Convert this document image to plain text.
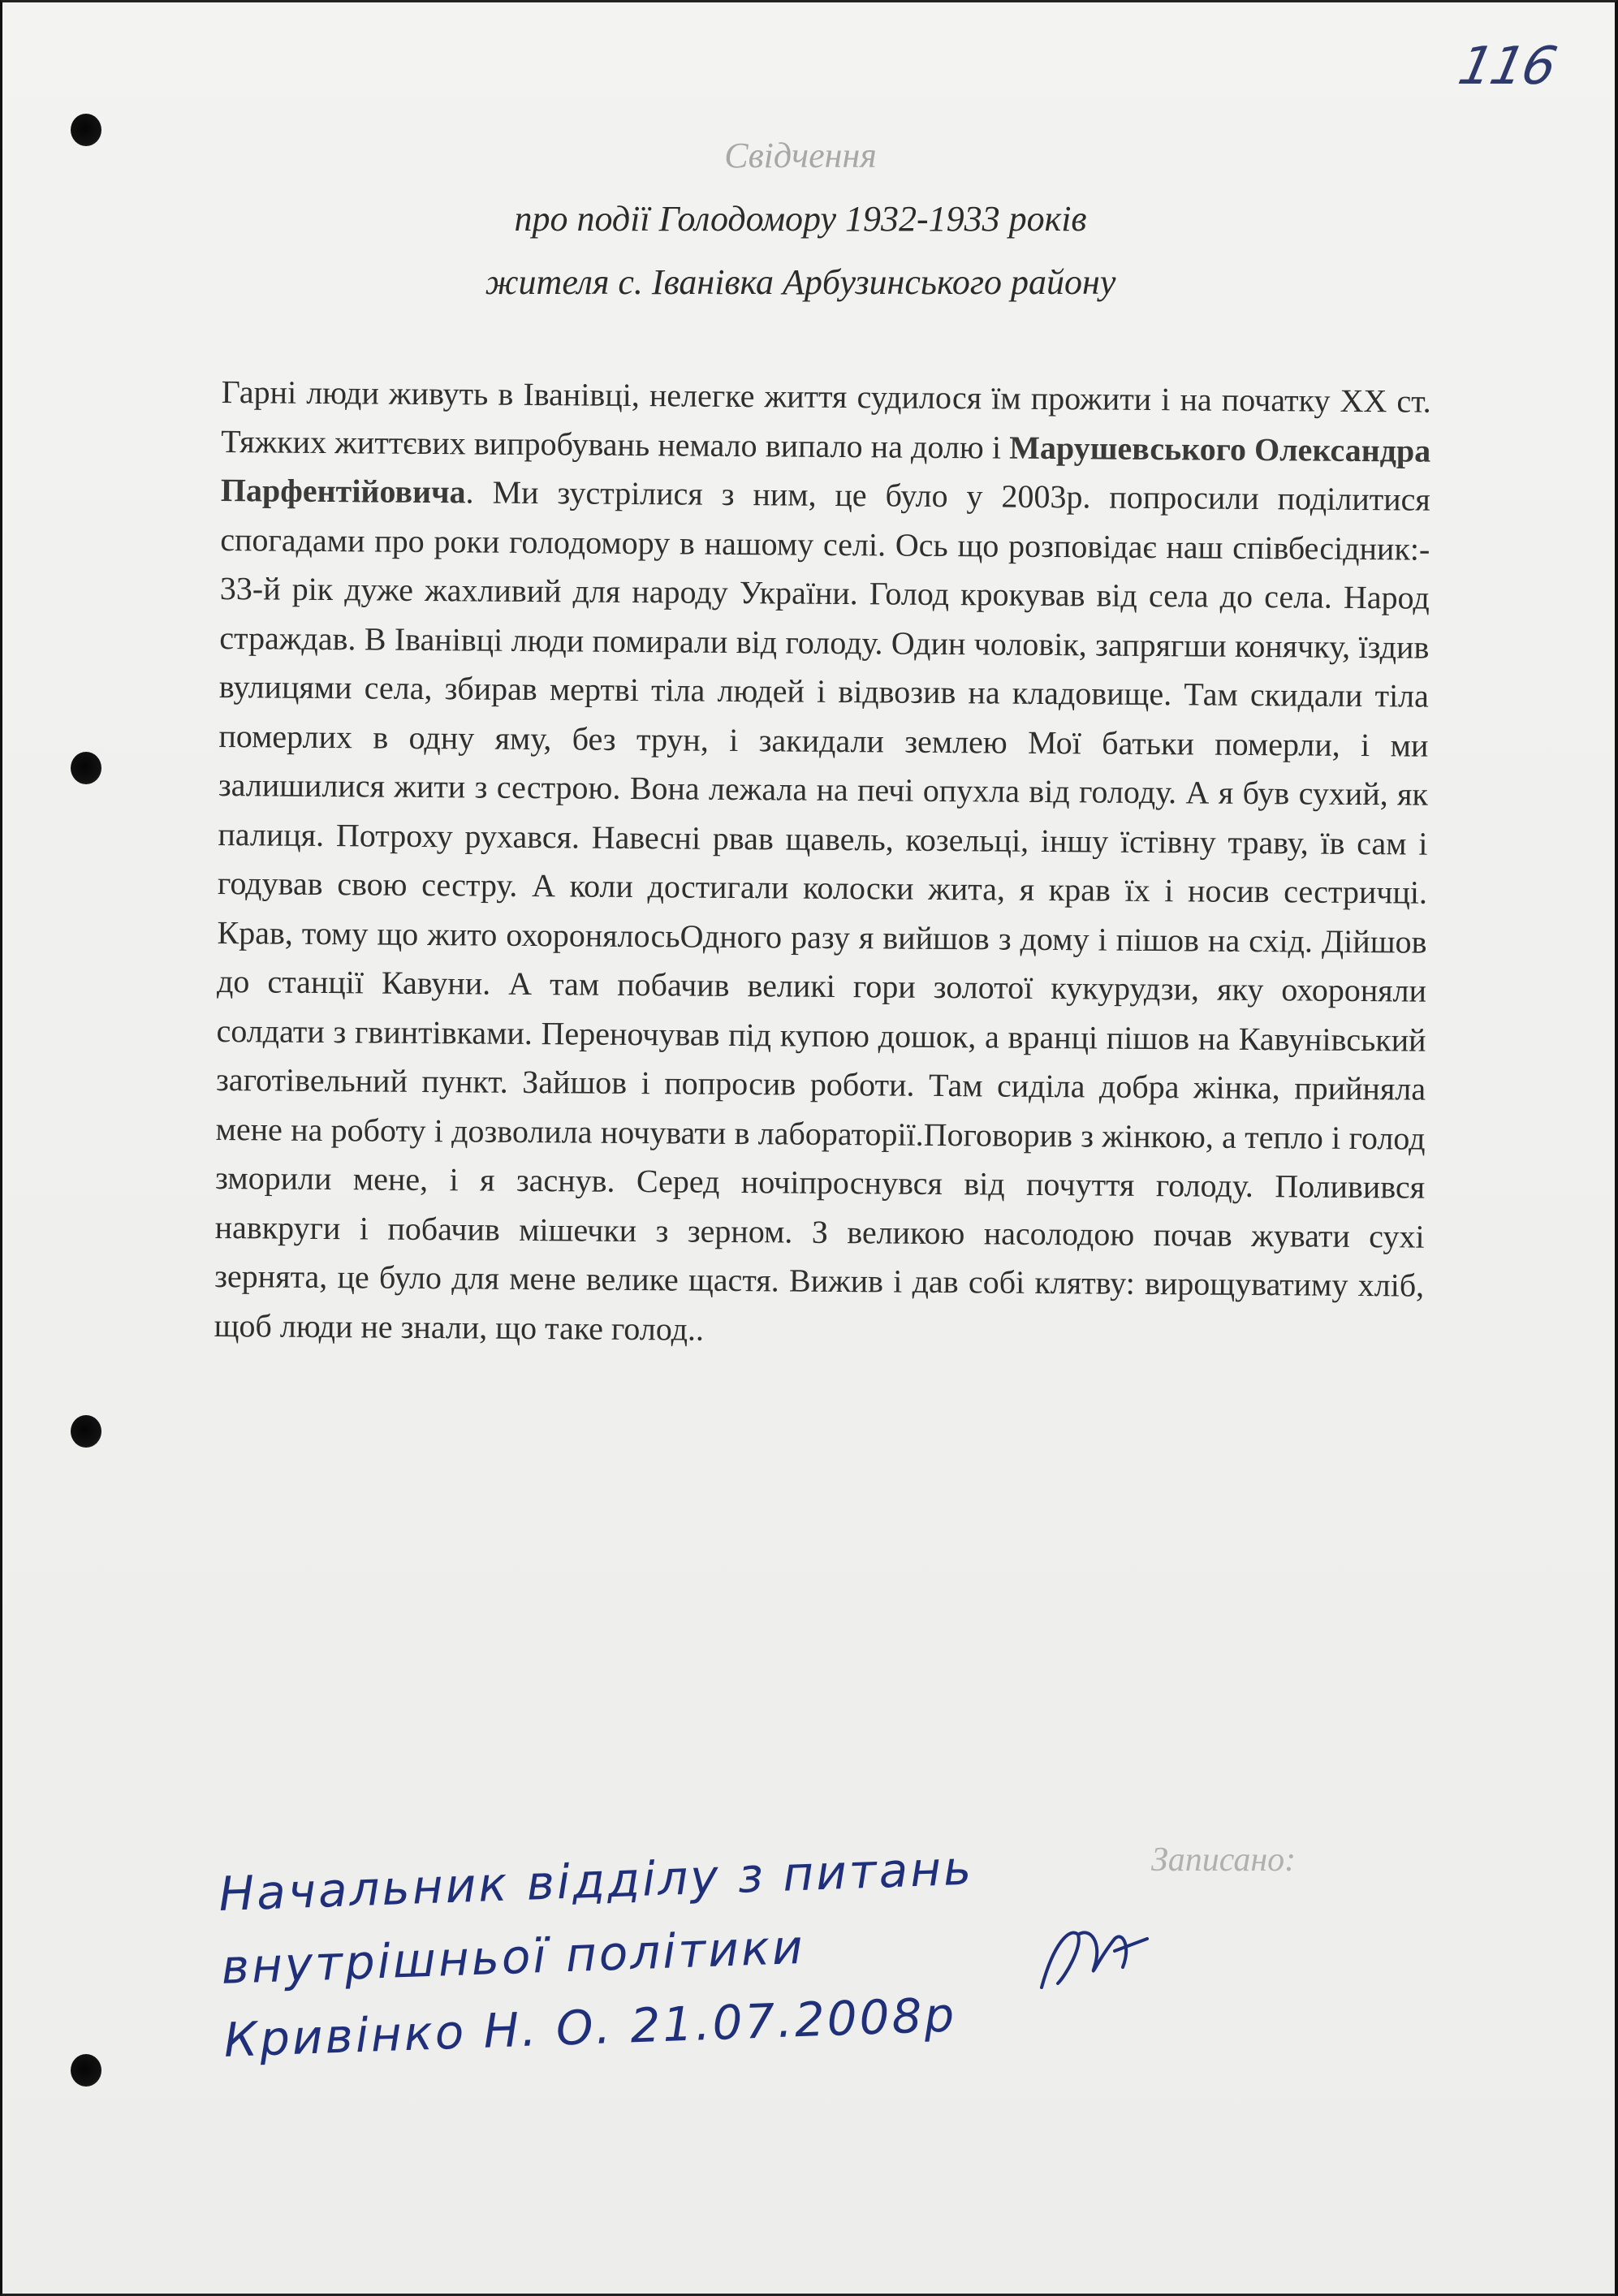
116
Свідчення
про події Голодомору 1932-1933 років
жителя с. Іванівка Арбузинського району
Гарні люди живуть в Іванівці, нелегке життя судилося їм прожити і на початку XX ст. Тяжких життєвих випробувань немало випало на долю і Марушевського Олександра Парфентійовича. Ми зустрілися з ним, це було у 2003р. попросили поділитися спогадами про роки голодомору в нашому селі. Ось що розповідає наш співбесідник:- 33-й рік дуже жахливий для народу України. Голод крокував від села до села. Народ страждав. В Іванівці люди помирали від голоду. Один чоловік, запрягши конячку, їздив вулицями села, збирав мертві тіла людей і відвозив на кладовище. Там скидали тіла померлих в одну яму, без трун, і закидали землею Мої батьки померли, і ми залишилися жити з сестрою. Вона лежала на печі опухла від голоду. А я був сухий, як палиця. Потроху рухався. Навесні рвав щавель, козельці, іншу їстівну траву, їв сам і годував свою сестру. А коли достигали колоски жита, я крав їх і носив сестричці. Крав, тому що жито охоронялосьОдного разу я вийшов з дому і пішов на схід. Дійшов до станції Кавуни. А там побачив великі гори золотої кукурудзи, яку охороняли солдати з гвинтівками. Переночував під купою дошок, а вранці пішов на Кавунівський заготівельний пункт. Зайшов і попросив роботи. Там сиділа добра жінка, прийняла мене на роботу і дозволила ночувати в лабораторії.Поговорив з жінкою, а тепло і голод зморили мене, і я заснув. Серед ночіпроснувся від почуття голоду. Поливився навкруги і побачив мішечки з зерном. З великою насолодою почав жувати сухі зернята, це було для мене велике щастя. Вижив і дав собі клятву: вирощуватиму хліб, щоб люди не знали, що таке голод..
Записано:
Начальник відділу з питань
внутрішньої політики
Кривінко Н. О. 21.07.2008р
